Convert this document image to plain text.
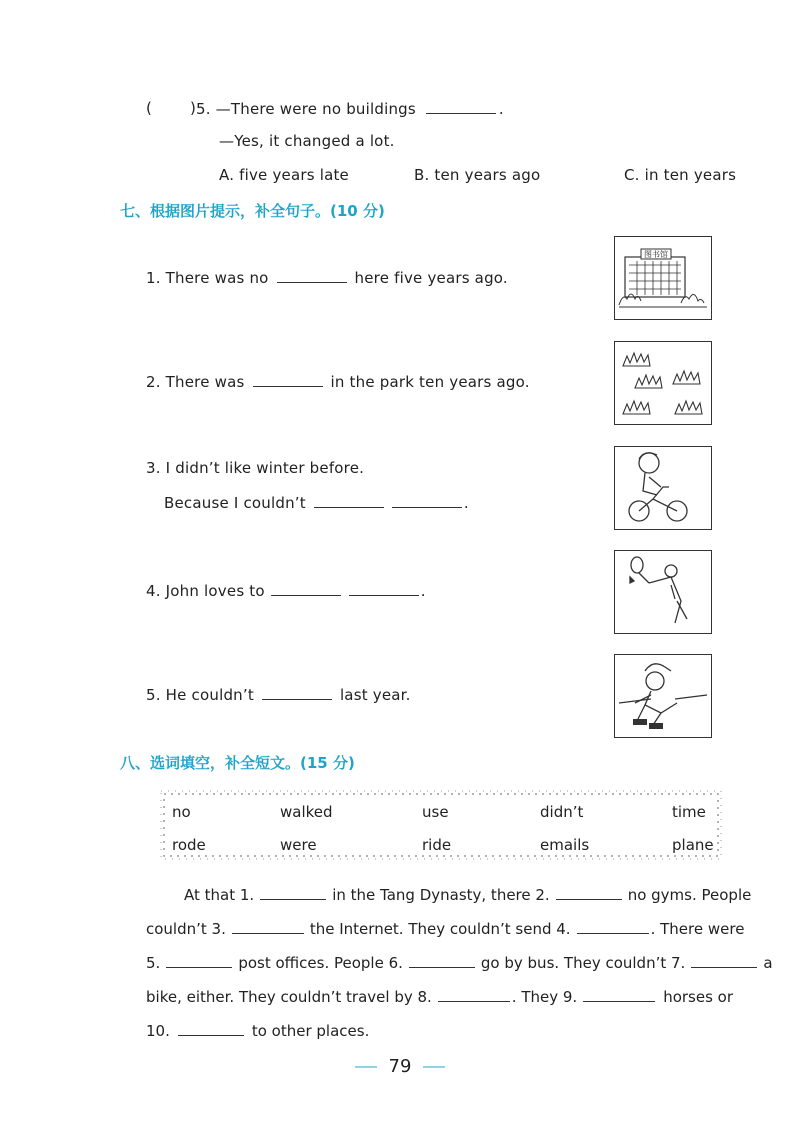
(	) 5. —There were no buildings	.
—Yes, it changed a lot.
A. five years late	B. ten years ago	C. in ten years
七、根据图片提示，补全句子。(10 分)
1. There was no	here five years ago.
2. There was	in the park ten years ago.
3. I didn’t like winter before.
Because I couldn’t	.
4. John loves to	.
5. He couldn’t	last year.
图书馆
八、选词填空，补全短文。(15 分)
no	walked	use	didn’t	time
rode	were	ride	emails	plane
At that 1.	in the Tang Dynasty, there 2.	no gyms. People
couldn’t 3.	the Internet. They couldn’t send 4.	. There were
5.	post offices. People 6.	go by bus. They couldn’t 7.	a
bike, either. They couldn’t travel by 8.	. They 9.	horses or
10.	to other places.
79
